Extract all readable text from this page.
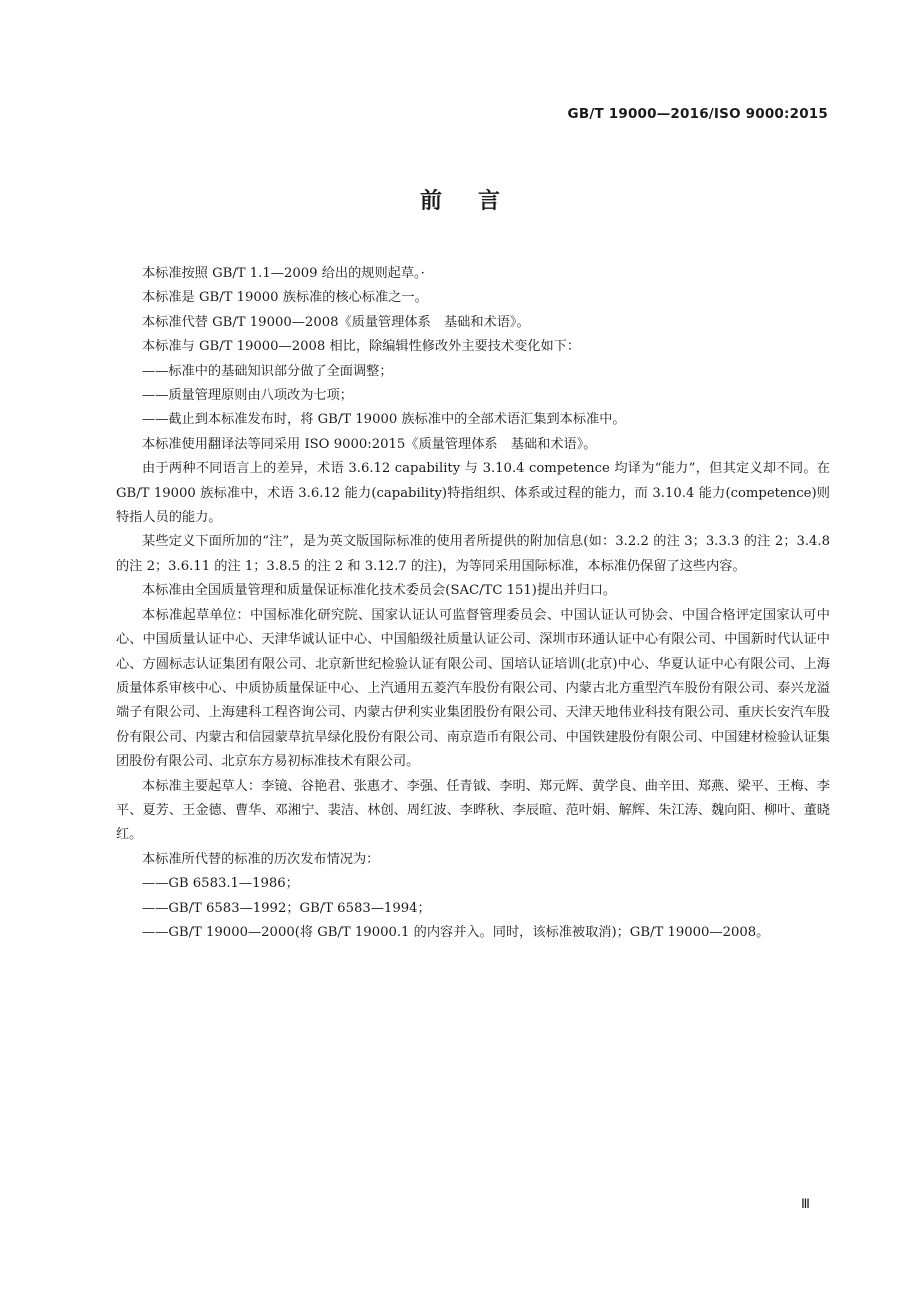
GB/T 19000—2016/ISO 9000:2015
前言

本标准按照 GB/T 1.1—2009 给出的规则起草。·

本标准是 GB/T 19000 族标准的核心标准之一。

本标准代替 GB/T 19000—2008《质量管理体系　基础和术语》。

本标准与 GB/T 19000—2008 相比，除编辑性修改外主要技术变化如下：

——标准中的基础知识部分做了全面调整；

——质量管理原则由八项改为七项；

——截止到本标准发布时，将 GB/T 19000 族标准中的全部术语汇集到本标准中。

本标准使用翻译法等同采用 ISO 9000:2015《质量管理体系　基础和术语》。

由于两种不同语言上的差异，术语 3.6.12 capability 与 3.10.4 competence 均译为“能力”，但其定义却不同。在 GB/T 19000 族标准中，术语 3.6.12 能力(capability)特指组织、体系或过程的能力，而 3.10.4 能力(competence)则特指人员的能力。

某些定义下面所加的“注”，是为英文版国际标准的使用者所提供的附加信息(如：3.2.2 的注 3；3.3.3 的注 2；3.4.8 的注 2；3.6.11 的注 1；3.8.5 的注 2 和 3.12.7 的注)，为等同采用国际标准，本标准仍保留了这些内容。

本标准由全国质量管理和质量保证标准化技术委员会(SAC/TC 151)提出并归口。

本标准起草单位：中国标准化研究院、国家认证认可监督管理委员会、中国认证认可协会、中国合格评定国家认可中心、中国质量认证中心、天津华诚认证中心、中国船级社质量认证公司、深圳市环通认证中心有限公司、中国新时代认证中心、方圆标志认证集团有限公司、北京新世纪检验认证有限公司、国培认证培训(北京)中心、华夏认证中心有限公司、上海质量体系审核中心、中质协质量保证中心、上汽通用五菱汽车股份有限公司、内蒙古北方重型汽车股份有限公司、泰兴龙溢端子有限公司、上海建科工程咨询公司、内蒙古伊利实业集团股份有限公司、天津天地伟业科技有限公司、重庆长安汽车股份有限公司、内蒙古和信园蒙草抗旱绿化股份有限公司、南京造币有限公司、中国铁建股份有限公司、中国建材检验认证集团股份有限公司、北京东方易初标准技术有限公司。

本标准主要起草人：李镜、谷艳君、张惠才、李强、任青钺、李明、郑元辉、黄学良、曲辛田、郑燕、梁平、王梅、李平、夏芳、王金德、曹华、邓湘宁、裴洁、林创、周红波、李晔秋、李辰暄、范叶娟、解辉、朱江涛、魏向阳、柳叶、董晓红。

本标准所代替的标准的历次发布情况为：

——GB 6583.1—1986；

——GB/T 6583—1992；GB/T 6583—1994；

——GB/T 19000—2000(将 GB/T 19000.1 的内容并入。同时，该标准被取消)；GB/T 19000—2008。

Ⅲ
